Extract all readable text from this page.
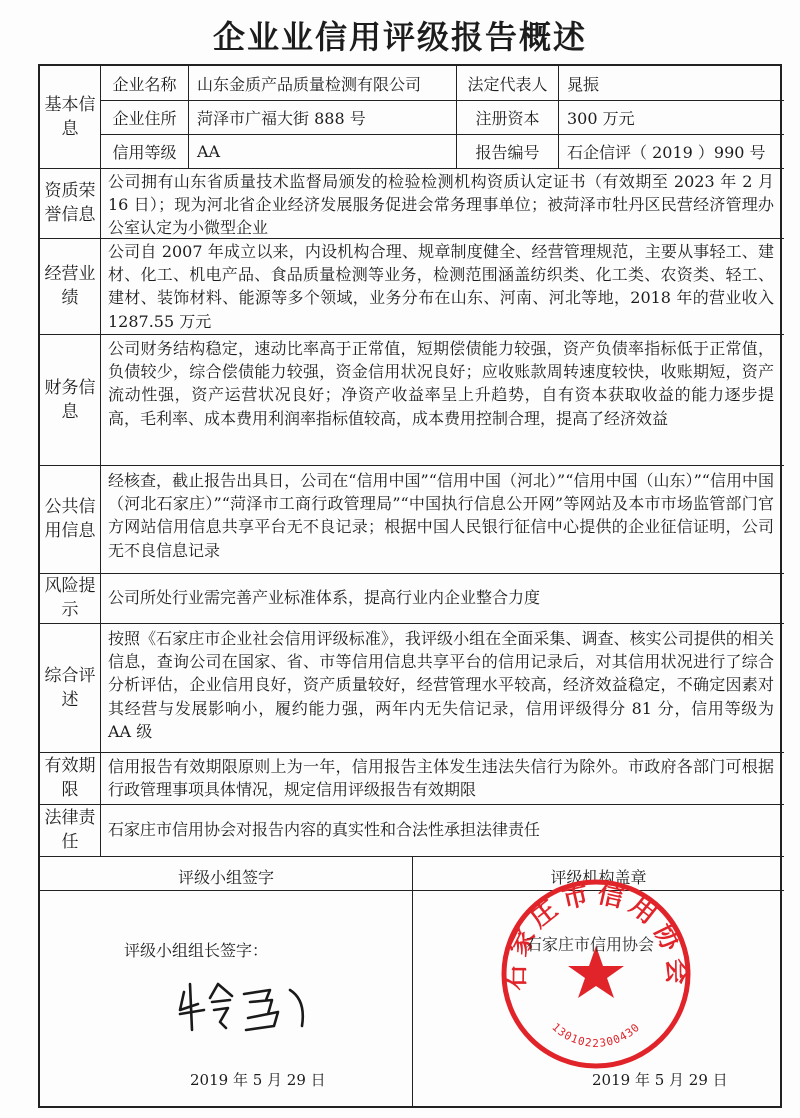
企业业信用评级报告概述
基本信息
企业名称	山东金质产品质量检测有限公司	法定代表人	晁振
企业住所	菏泽市广福大街 888 号	注册资本	300 万元
信用等级	AA	报告编号	石企信评（ 2019 ）990 号
资质荣誉信息
公司拥有山东省质量技术监督局颁发的检验检测机构资质认定证书（有效期至 2023 年 2 月 16 日）；现为河北省企业经济发展服务促进会常务理事单位；被菏泽市牡丹区民营经济管理办公室认定为小微型企业
经营业绩
公司自 2007 年成立以来，内设机构合理、规章制度健全、经营管理规范，主要从事轻工、建材、化工、机电产品、食品质量检测等业务，检测范围涵盖纺织类、化工类、农资类、轻工、建材、装饰材料、能源等多个领域，业务分布在山东、河南、河北等地，2018 年的营业收入 1287.55 万元
财务信息
公司财务结构稳定，速动比率高于正常值，短期偿债能力较强，资产负债率指标低于正常值，负债较少，综合偿债能力较强，资金信用状况良好；应收账款周转速度较快，收账期短，资产流动性强，资产运营状况良好；净资产收益率呈上升趋势，自有资本获取收益的能力逐步提高，毛利率、成本费用利润率指标值较高，成本费用控制合理，提高了经济效益
公共信用信息
经核查，截止报告出具日，公司在“信用中国”“信用中国（河北）”“信用中国（山东）”“信用中国（河北石家庄）”“菏泽市工商行政管理局”“中国执行信息公开网”等网站及本市市场监管部门官方网站信用信息共享平台无不良记录；根据中国人民银行征信中心提供的企业征信证明，公司无不良信息记录
风险提示
公司所处行业需完善产业标准体系，提高行业内企业整合力度
综合评述
按照《石家庄市企业社会信用评级标准》，我评级小组在全面采集、调查、核实公司提供的相关信息，查询公司在国家、省、市等信用信息共享平台的信用记录后，对其信用状况进行了综合分析评估，企业信用良好，资产质量较好，经营管理水平较高，经济效益稳定，不确定因素对其经营与发展影响小，履约能力强，两年内无失信记录，信用评级得分 81 分，信用等级为 AA 级
有效期限
信用报告有效期限原则上为一年，信用报告主体发生违法失信行为除外。市政府各部门可根据行政管理事项具体情况，规定信用评级报告有效期限
法律责任
石家庄市信用协会对报告内容的真实性和合法性承担法律责任
评级小组签字	评级机构盖章
评级小组组长签字：
2019 年 5 月 29 日	2019 年 5 月 29 日
石家庄市信用协会
1301022300430
石家庄市信用协会
